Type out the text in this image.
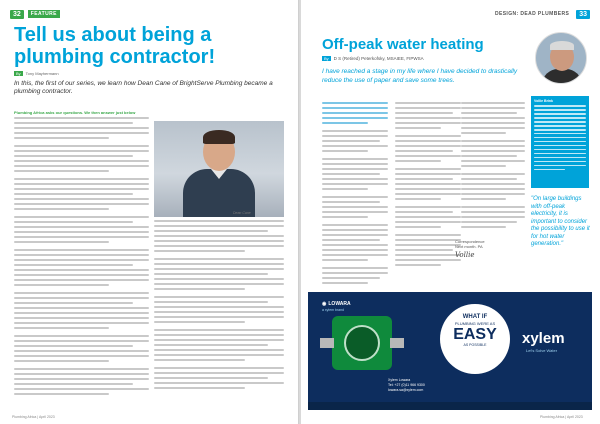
32	FEATURE
Tell us about being a plumbing contractor!
By	Tony Mayhermann
In this, the first of our series, we learn how Dean Cane of BrightServe Plumbing became a plumbing contractor.
Plumbing Africa asks our questions. We then answer just below
Dean Cane
Plumbing Africa | April 2023
DESIGN: DEAD PLUMBERS	33
Off-peak water heating
By	D S (Retired) Peterkofsky, MSAIEE, FIPWSA
I have reached a stage in my life where I have decided to drastically reduce the use of paper and save some trees.
Vollie Brink
"On large buildings with off-peak electricity, it is important to consider the possibility to use it for hot water generation."
Correspondence
Next month. PA
Vollie
◉ LOWARA
a xylem brand
WHAT IF
PLUMBING WERE AS
EASY
AS POSSIBLE	xylem
Let's Solve Water
Xylem Lowara
Tel: +27 (0)11 966 9300
lowara.sa@xylem.com
Plumbing Africa | April 2023
